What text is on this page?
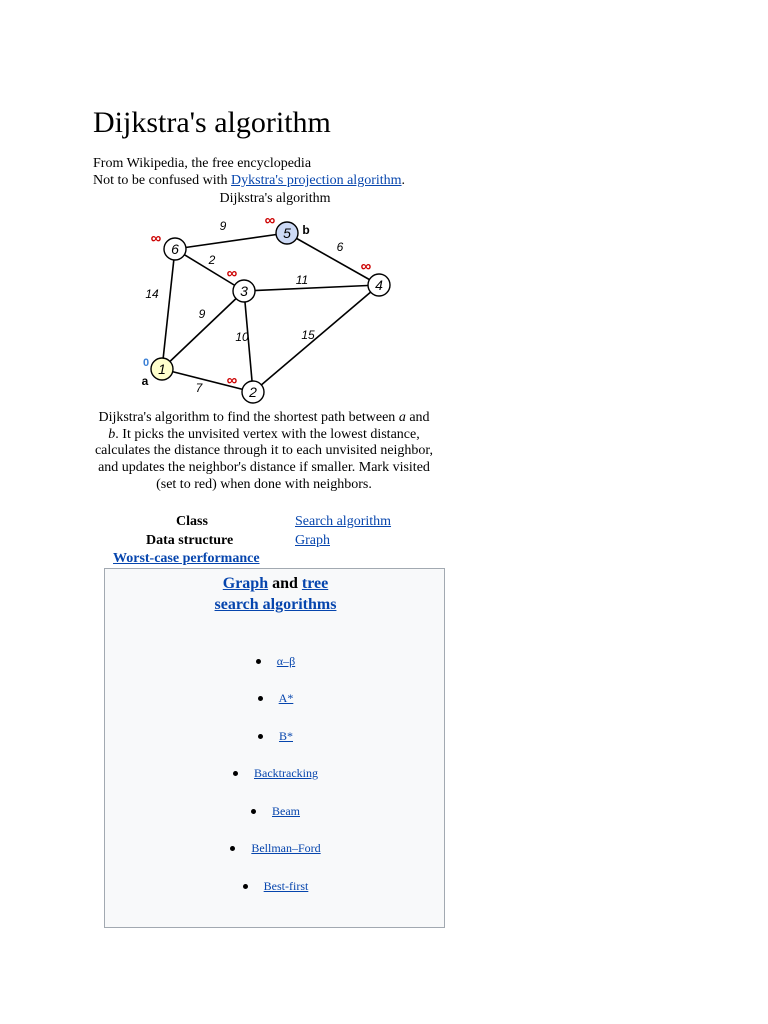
Dijkstra's algorithm
From Wikipedia, the free encyclopedia
Not to be confused with Dykstra's projection algorithm.
Dijkstra's algorithm
9
6
2
11
14
9
10	15
7
1
2
3	4
5
6
∞
∞	∞
∞
∞
0
a
b
Dijkstra's algorithm to find the shortest path between a and b. It picks the unvisited vertex with the lowest distance, calculates the distance through it to each unvisited neighbor, and updates the neighbor's distance if smaller. Mark visited (set to red) when done with neighbors.
Class	Search algorithm
Data structure	Graph
Worst-case performance
Graph and tree
search algorithms
α–β
A*
B*
Backtracking
Beam
Bellman–Ford
Best-first
